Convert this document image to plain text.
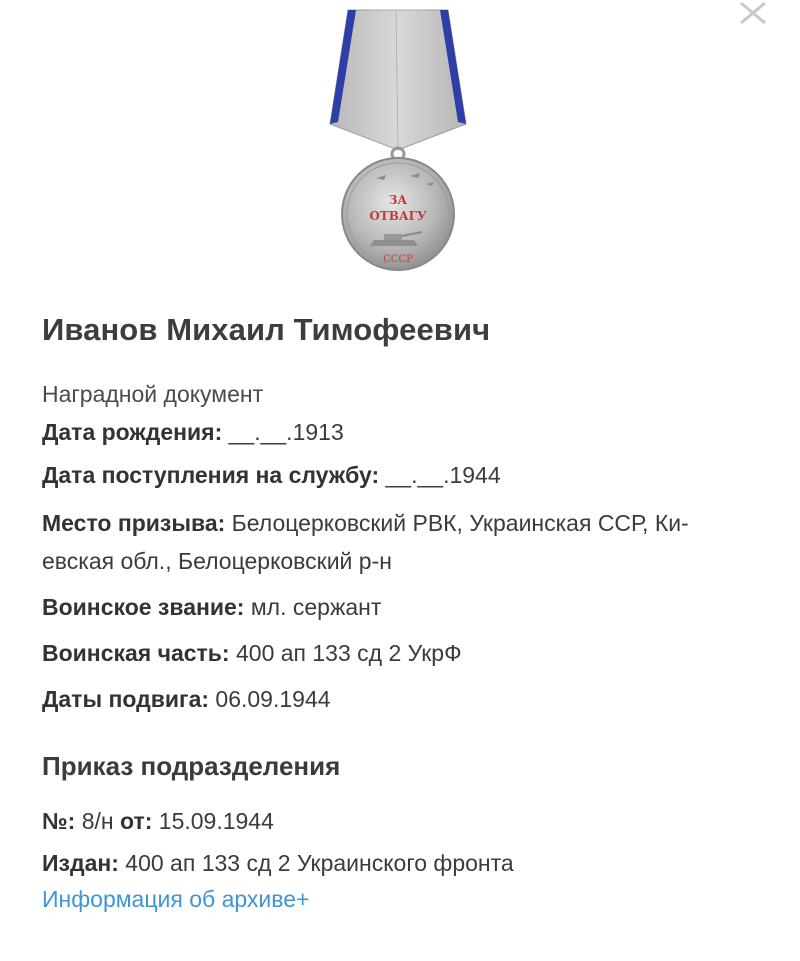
ЗА
ОТВАГУ
СССР
Иванов Михаил Тимофеевич

Наградной документ

Дата рождения: __.__.1913

Дата поступления на службу: __.__.1944

Место призыва: Белоцерковский РВК, Украинская ССР, Ки-
евская обл., Белоцерковский р-н

Воинское звание: мл. сержант

Воинская часть: 400 ап 133 сд 2 УкрФ

Даты подвига: 06.09.1944

Приказ подразделения

№: 8/н от: 15.09.1944

Издан: 400 ап 133 сд 2 Украинского фронта

Информация об архиве+
